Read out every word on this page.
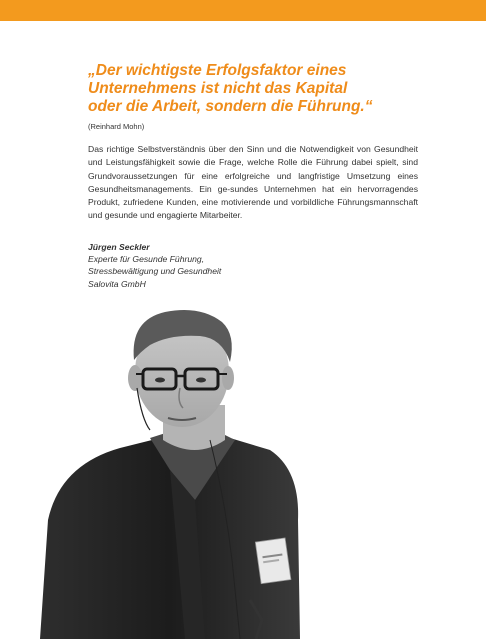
„Der wichtigste Erfolgsfaktor eines
Unternehmens ist nicht das Kapital
oder die Arbeit, sondern die Führung.“
(Reinhard Mohn)
Das richtige Selbstverständnis über den Sinn und die Notwendigkeit von Gesundheit und Leistungsfähigkeit sowie die Frage, welche Rolle die Führung dabei spielt, sind Grundvoraussetzungen für eine erfolgreiche und langfristige Umsetzung eines Gesundheitsmanagements. Ein ge-sundes Unternehmen hat ein hervorragendes Produkt, zufriedene Kunden, eine motivierende und vorbildliche Führungsmannschaft und gesunde und engagierte Mitarbeiter.
Jürgen Seckler
Experte für Gesunde Führung,
Stressbewältigung und Gesundheit
Salovita GmbH
